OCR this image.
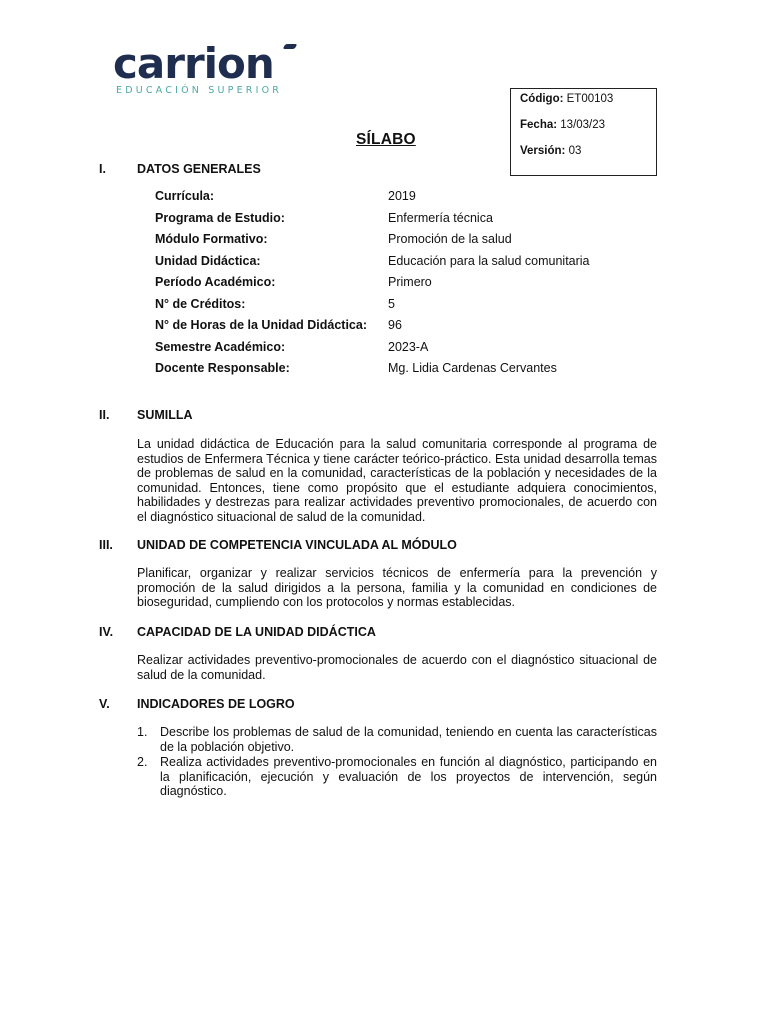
carrion
EDUCACIÓN SUPERIOR
Código: ET00103
Fecha: 13/03/23
Versión: 03
SÍLABO
I. DATOS GENERALES
Currícula:	2019
Programa de Estudio:	Enfermería técnica
Módulo Formativo:	Promoción de la salud
Unidad Didáctica:	Educación para la salud comunitaria
Período Académico:	Primero
N° de Créditos:	5
N° de Horas de la Unidad Didáctica: 96
Semestre Académico:	2023-A
Docente Responsable:	Mg. Lidia Cardenas Cervantes
II. SUMILLA

La unidad didáctica de Educación para la salud comunitaria corresponde al programa de estudios de Enfermera Técnica y tiene carácter teórico-práctico. Esta unidad desarrolla temas de problemas de salud en la comunidad, características de la población y necesidades de la comunidad. Entonces, tiene como propósito que el estudiante adquiera conocimientos, habilidades y destrezas para realizar actividades preventivo promocionales, de acuerdo con el diagnóstico situacional de salud de la comunidad.

III. UNIDAD DE COMPETENCIA VINCULADA AL MÓDULO

Planificar, organizar y realizar servicios técnicos de enfermería para la prevención y promoción de la salud dirigidos a la persona, familia y la comunidad en condiciones de bioseguridad, cumpliendo con los protocolos y normas establecidas.

IV. CAPACIDAD DE LA UNIDAD DIDÁCTICA

Realizar actividades preventivo-promocionales de acuerdo con el diagnóstico situacional de salud de la comunidad.

V. INDICADORES DE LOGRO
1. Describe los problemas de salud de la comunidad, teniendo en cuenta las características de la población objetivo.

2. Realiza actividades preventivo-promocionales en función al diagnóstico, participando en la planificación, ejecución y evaluación de los proyectos de intervención, según diagnóstico.
